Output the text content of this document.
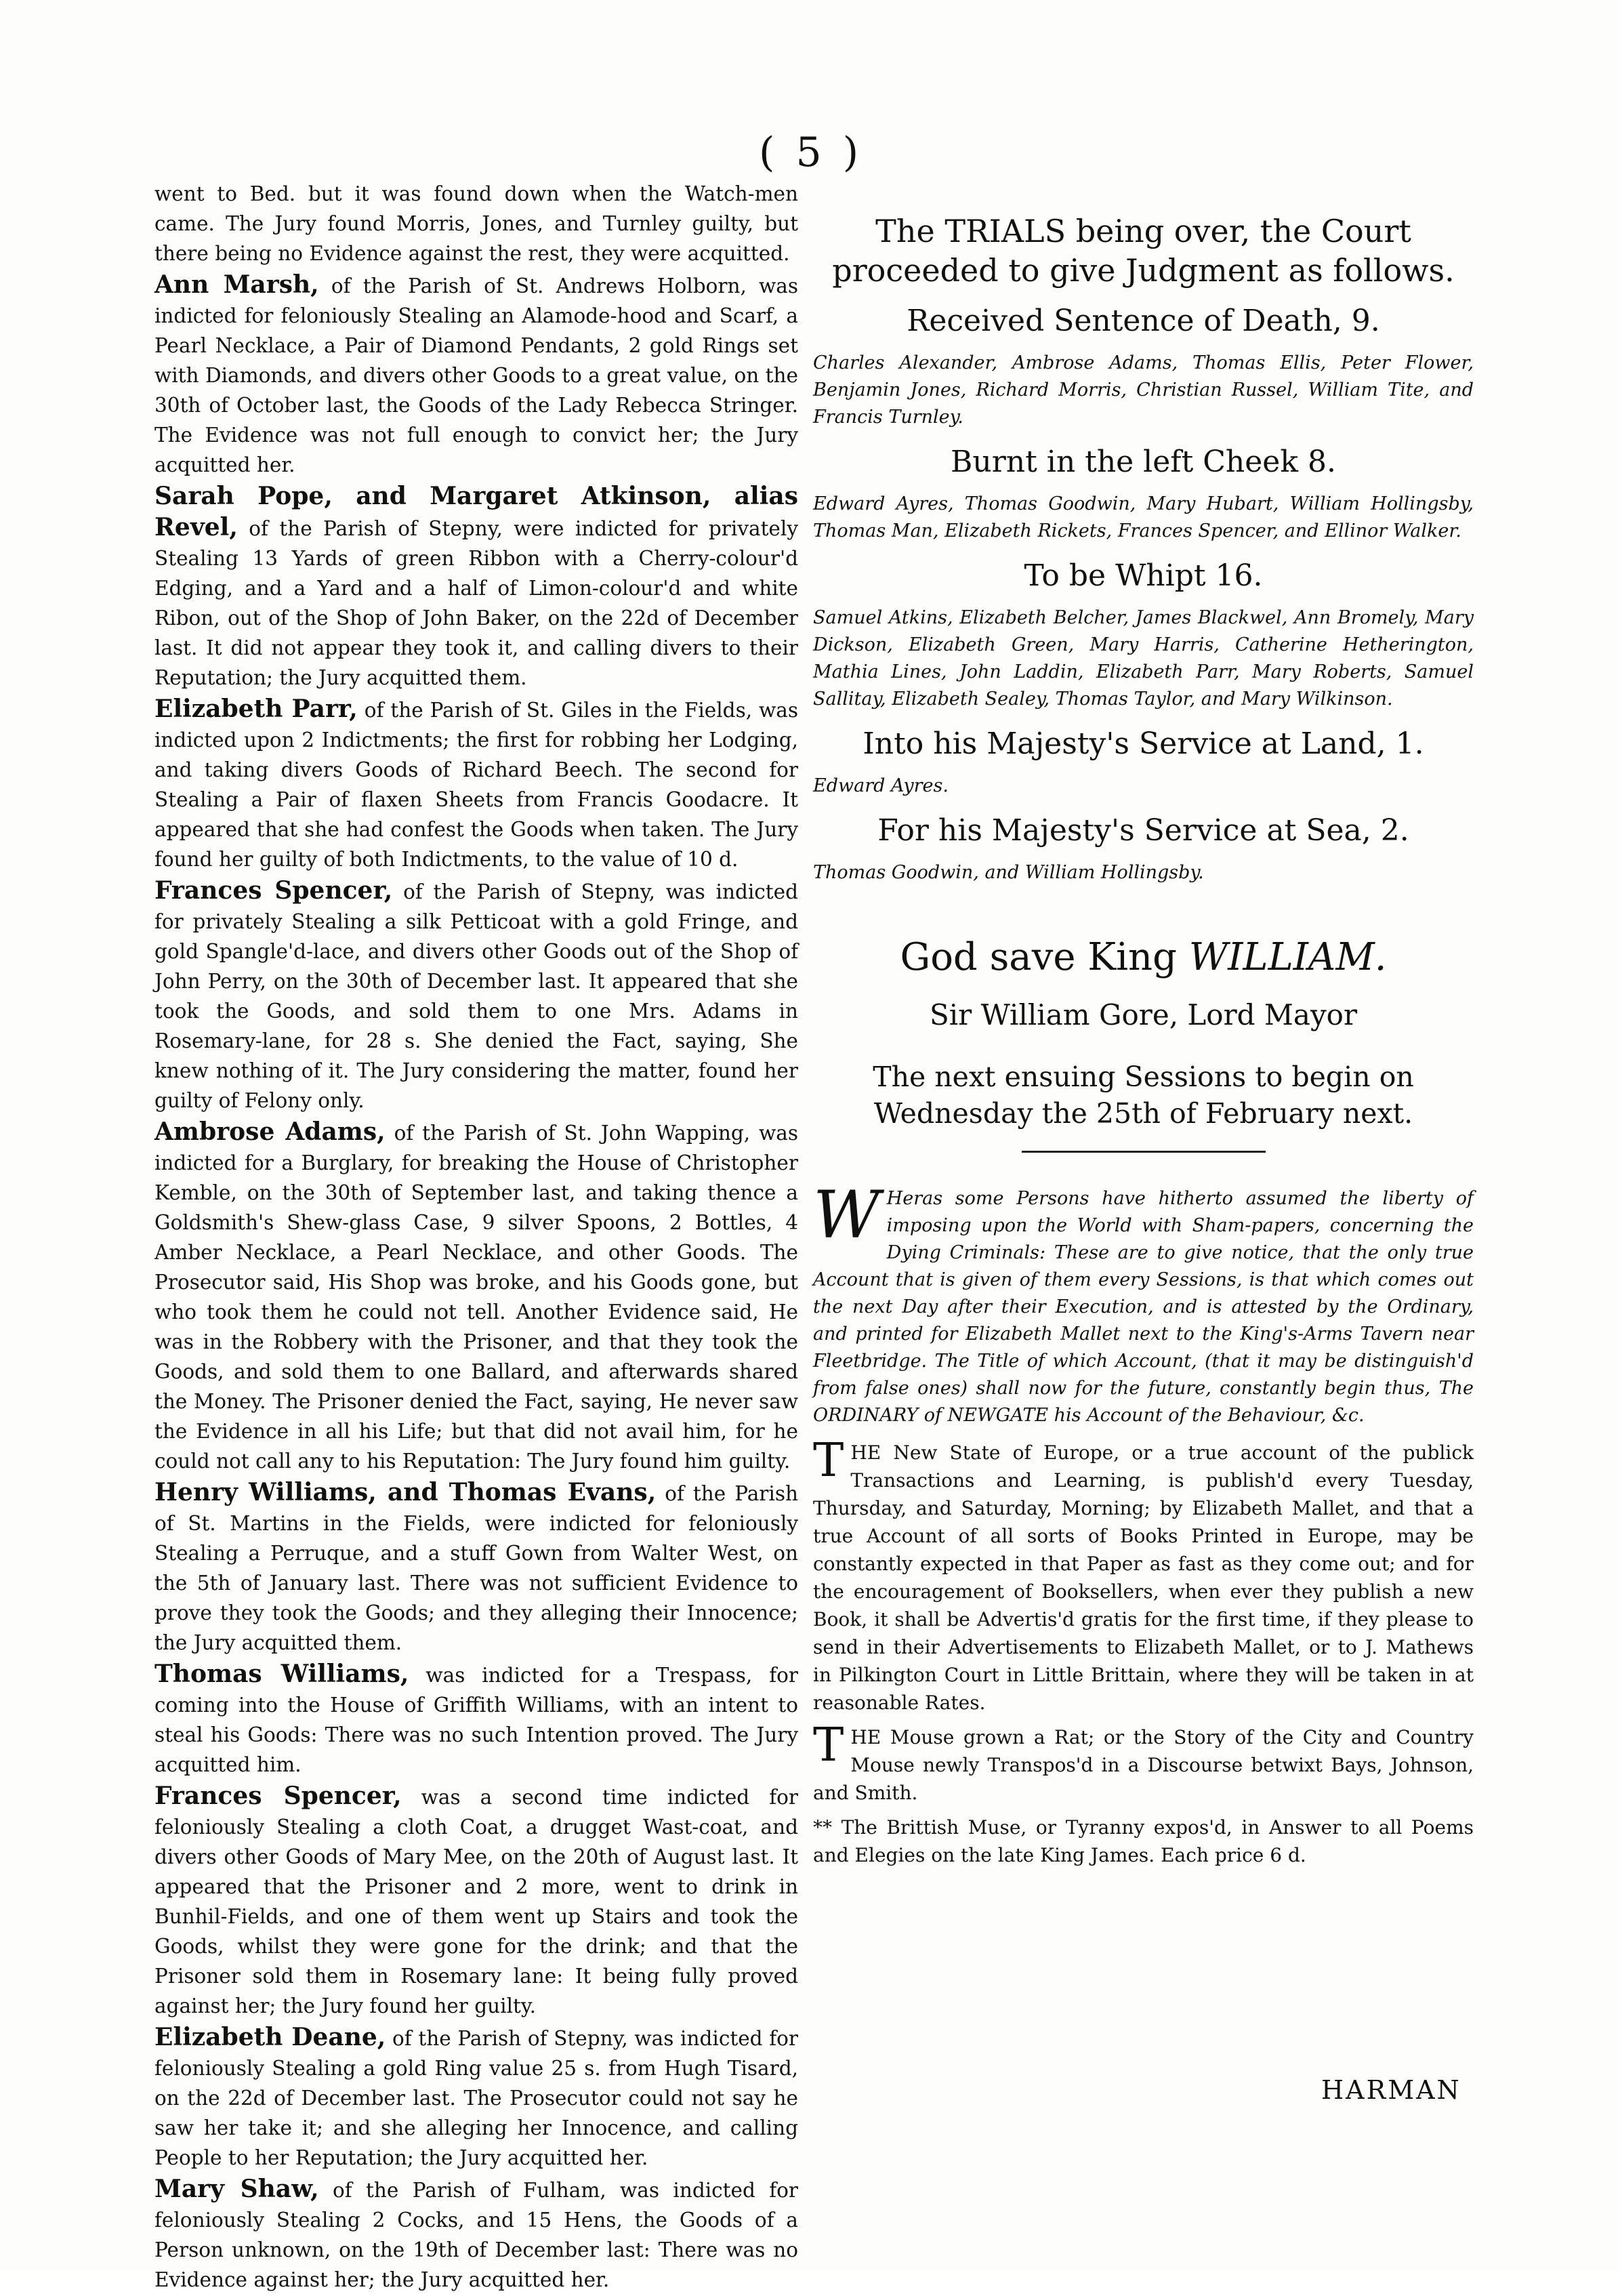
( 5 )

went to Bed. but it was found down when the Watch-men came. The Jury found Morris, Jones, and Turnley guilty, but there being no Evidence against the rest, they were acquitted.

Ann Marsh, of the Parish of St. Andrews Holborn, was indicted for feloniously Stealing an Alamode-hood and Scarf, a Pearl Necklace, a Pair of Diamond Pendants, 2 gold Rings set with Diamonds, and divers other Goods to a great value, on the 30th of October last, the Goods of the Lady Rebecca Stringer. The Evidence was not full enough to convict her; the Jury acquitted her.

Sarah Pope, and Margaret Atkinson, alias Revel, of the Parish of Stepny, were indicted for privately Stealing 13 Yards of green Ribbon with a Cherry-colour'd Edging, and a Yard and a half of Limon-colour'd and white Ribon, out of the Shop of John Baker, on the 22d of December last. It did not appear they took it, and calling divers to their Reputation; the Jury acquitted them.

Elizabeth Parr, of the Parish of St. Giles in the Fields, was indicted upon 2 Indictments; the first for robbing her Lodging, and taking divers Goods of Richard Beech. The second for Stealing a Pair of flaxen Sheets from Francis Goodacre. It appeared that she had confest the Goods when taken. The Jury found her guilty of both Indictments, to the value of 10 d.

Frances Spencer, of the Parish of Stepny, was indicted for privately Stealing a silk Petticoat with a gold Fringe, and gold Spangle'd-lace, and divers other Goods out of the Shop of John Perry, on the 30th of December last. It appeared that she took the Goods, and sold them to one Mrs. Adams in Rosemary-lane, for 28 s. She denied the Fact, saying, She knew nothing of it. The Jury considering the matter, found her guilty of Felony only.

Ambrose Adams, of the Parish of St. John Wapping, was indicted for a Burglary, for breaking the House of Christopher Kemble, on the 30th of September last, and taking thence a Goldsmith's Shew-glass Case, 9 silver Spoons, 2 Bottles, 4 Amber Necklace, a Pearl Necklace, and other Goods. The Prosecutor said, His Shop was broke, and his Goods gone, but who took them he could not tell. Another Evidence said, He was in the Robbery with the Prisoner, and that they took the Goods, and sold them to one Ballard, and afterwards shared the Money. The Prisoner denied the Fact, saying, He never saw the Evidence in all his Life; but that did not avail him, for he could not call any to his Reputation: The Jury found him guilty.

Henry Williams, and Thomas Evans, of the Parish of St. Martins in the Fields, were indicted for feloniously Stealing a Perruque, and a stuff Gown from Walter West, on the 5th of January last. There was not sufficient Evidence to prove they took the Goods; and they alleging their Innocence; the Jury acquitted them.

Thomas Williams, was indicted for a Trespass, for coming into the House of Griffith Williams, with an intent to steal his Goods: There was no such Intention proved. The Jury acquitted him.

Frances Spencer, was a second time indicted for feloniously Stealing a cloth Coat, a drugget Wast-coat, and divers other Goods of Mary Mee, on the 20th of August last. It appeared that the Prisoner and 2 more, went to drink in Bunhil-Fields, and one of them went up Stairs and took the Goods, whilst they were gone for the drink; and that the Prisoner sold them in Rosemary lane: It being fully proved against her; the Jury found her guilty.

Elizabeth Deane, of the Parish of Stepny, was indicted for feloniously Stealing a gold Ring value 25 s. from Hugh Tisard, on the 22d of December last. The Prosecutor could not say he saw her take it; and she alleging her Innocence, and calling People to her Reputation; the Jury acquitted her.

Mary Shaw, of the Parish of Fulham, was indicted for feloniously Stealing 2 Cocks, and 15 Hens, the Goods of a Person unknown, on the 19th of December last: There was no Evidence against her; the Jury acquitted her.

The TRIALS being over, the Court proceeded to give Judgment as follows.
Received Sentence of Death, 9.

Charles Alexander, Ambrose Adams, Thomas Ellis, Peter Flower, Benjamin Jones, Richard Morris, Christian Russel, William Tite, and Francis Turnley.

Burnt in the left Cheek 8.

Edward Ayres, Thomas Goodwin, Mary Hubart, William Hollingsby, Thomas Man, Elizabeth Rickets, Frances Spencer, and Ellinor Walker.

To be Whipt 16.

Samuel Atkins, Elizabeth Belcher, James Blackwel, Ann Bromely, Mary Dickson, Elizabeth Green, Mary Harris, Catherine Hetherington, Mathia Lines, John Laddin, Elizabeth Parr, Mary Roberts, Samuel Sallitay, Elizabeth Sealey, Thomas Taylor, and Mary Wilkinson.

Into his Majesty's Service at Land, 1.

Edward Ayres.

For his Majesty's Service at Sea, 2.

Thomas Goodwin, and William Hollingsby.

God save King WILLIAM.
Sir William Gore, Lord Mayor
The next ensuing Sessions to begin on Wednesday the 25th of February next.

W Heras some Persons have hitherto assumed the liberty of imposing upon the World with Sham-papers, concerning the Dying Criminals: These are to give notice, that the only true Account that is given of them every Sessions, is that which comes out the next Day after their Execution, and is attested by the Ordinary, and printed for Elizabeth Mallet next to the King's-Arms Tavern near Fleetbridge. The Title of which Account, (that it may be distinguish'd from false ones) shall now for the future, constantly begin thus, The ORDINARY of NEWGATE his Account of the Behaviour, &c.

THE New State of Europe, or a true account of the publick Transactions and Learning, is publish'd every Tuesday, Thursday, and Saturday, Morning; by Elizabeth Mallet, and that a true Account of all sorts of Books Printed in Europe, may be constantly expected in that Paper as fast as they come out; and for the encouragement of Booksellers, when ever they publish a new Book, it shall be Advertis'd gratis for the first time, if they please to send in their Advertisements to Elizabeth Mallet, or to J. Mathews in Pilkington Court in Little Brittain, where they will be taken in at reasonable Rates.

THE Mouse grown a Rat; or the Story of the City and Country Mouse newly Transpos'd in a Discourse betwixt Bays, Johnson, and Smith.

** The Brittish Muse, or Tyranny expos'd, in Answer to all Poems and Elegies on the late King James. Each price 6 d.

HARMAN
